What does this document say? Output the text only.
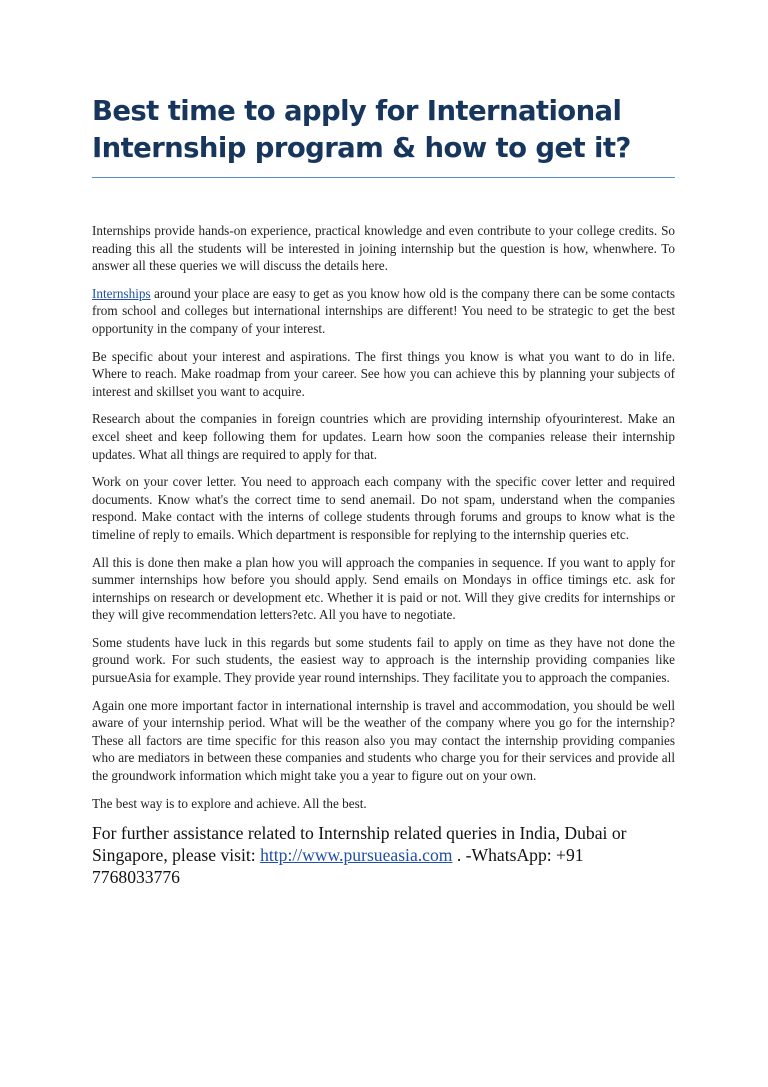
Best time to apply for International
Internship program & how to get it?

Internships provide hands-on experience, practical knowledge and even contribute to your college credits. So reading this all the students will be interested in joining internship but the question is how, whenwhere. To answer all these queries we will discuss the details here.

Internships around your place are easy to get as you know how old is the company there can be some contacts from school and colleges but international internships are different! You need to be strategic to get the best opportunity in the company of your interest.

Be specific about your interest and aspirations. The first things you know is what you want to do in life. Where to reach. Make roadmap from your career. See how you can achieve this by planning your subjects of interest and skillset you want to acquire.

Research about the companies in foreign countries which are providing internship ofyourinterest. Make an excel sheet and keep following them for updates. Learn how soon the companies release their internship updates. What all things are required to apply for that.

Work on your cover letter. You need to approach each company with the specific cover letter and required documents. Know what's the correct time to send anemail. Do not spam, understand when the companies respond. Make contact with the interns of college students through forums and groups to know what is the timeline of reply to emails. Which department is responsible for replying to the internship queries etc.

All this is done then make a plan how you will approach the companies in sequence. If you want to apply for summer internships how before you should apply. Send emails on Mondays in office timings etc. ask for internships on research or development etc. Whether it is paid or not. Will they give credits for internships or they will give recommendation letters?etc. All you have to negotiate.

Some students have luck in this regards but some students fail to apply on time as they have not done the ground work. For such students, the easiest way to approach is the internship providing companies like pursueAsia for example. They provide year round internships. They facilitate you to approach the companies.

Again one more important factor in international internship is travel and accommodation, you should be well aware of your internship period. What will be the weather of the company where you go for the internship? These all factors are time specific for this reason also you may contact the internship providing companies who are mediators in between these companies and students who charge you for their services and provide all the groundwork information which might take you a year to figure out on your own.

The best way is to explore and achieve. All the best.

For further assistance related to Internship related queries in India, Dubai or Singapore, please visit: http://www.pursueasia.com . -WhatsApp: +91 7768033776
